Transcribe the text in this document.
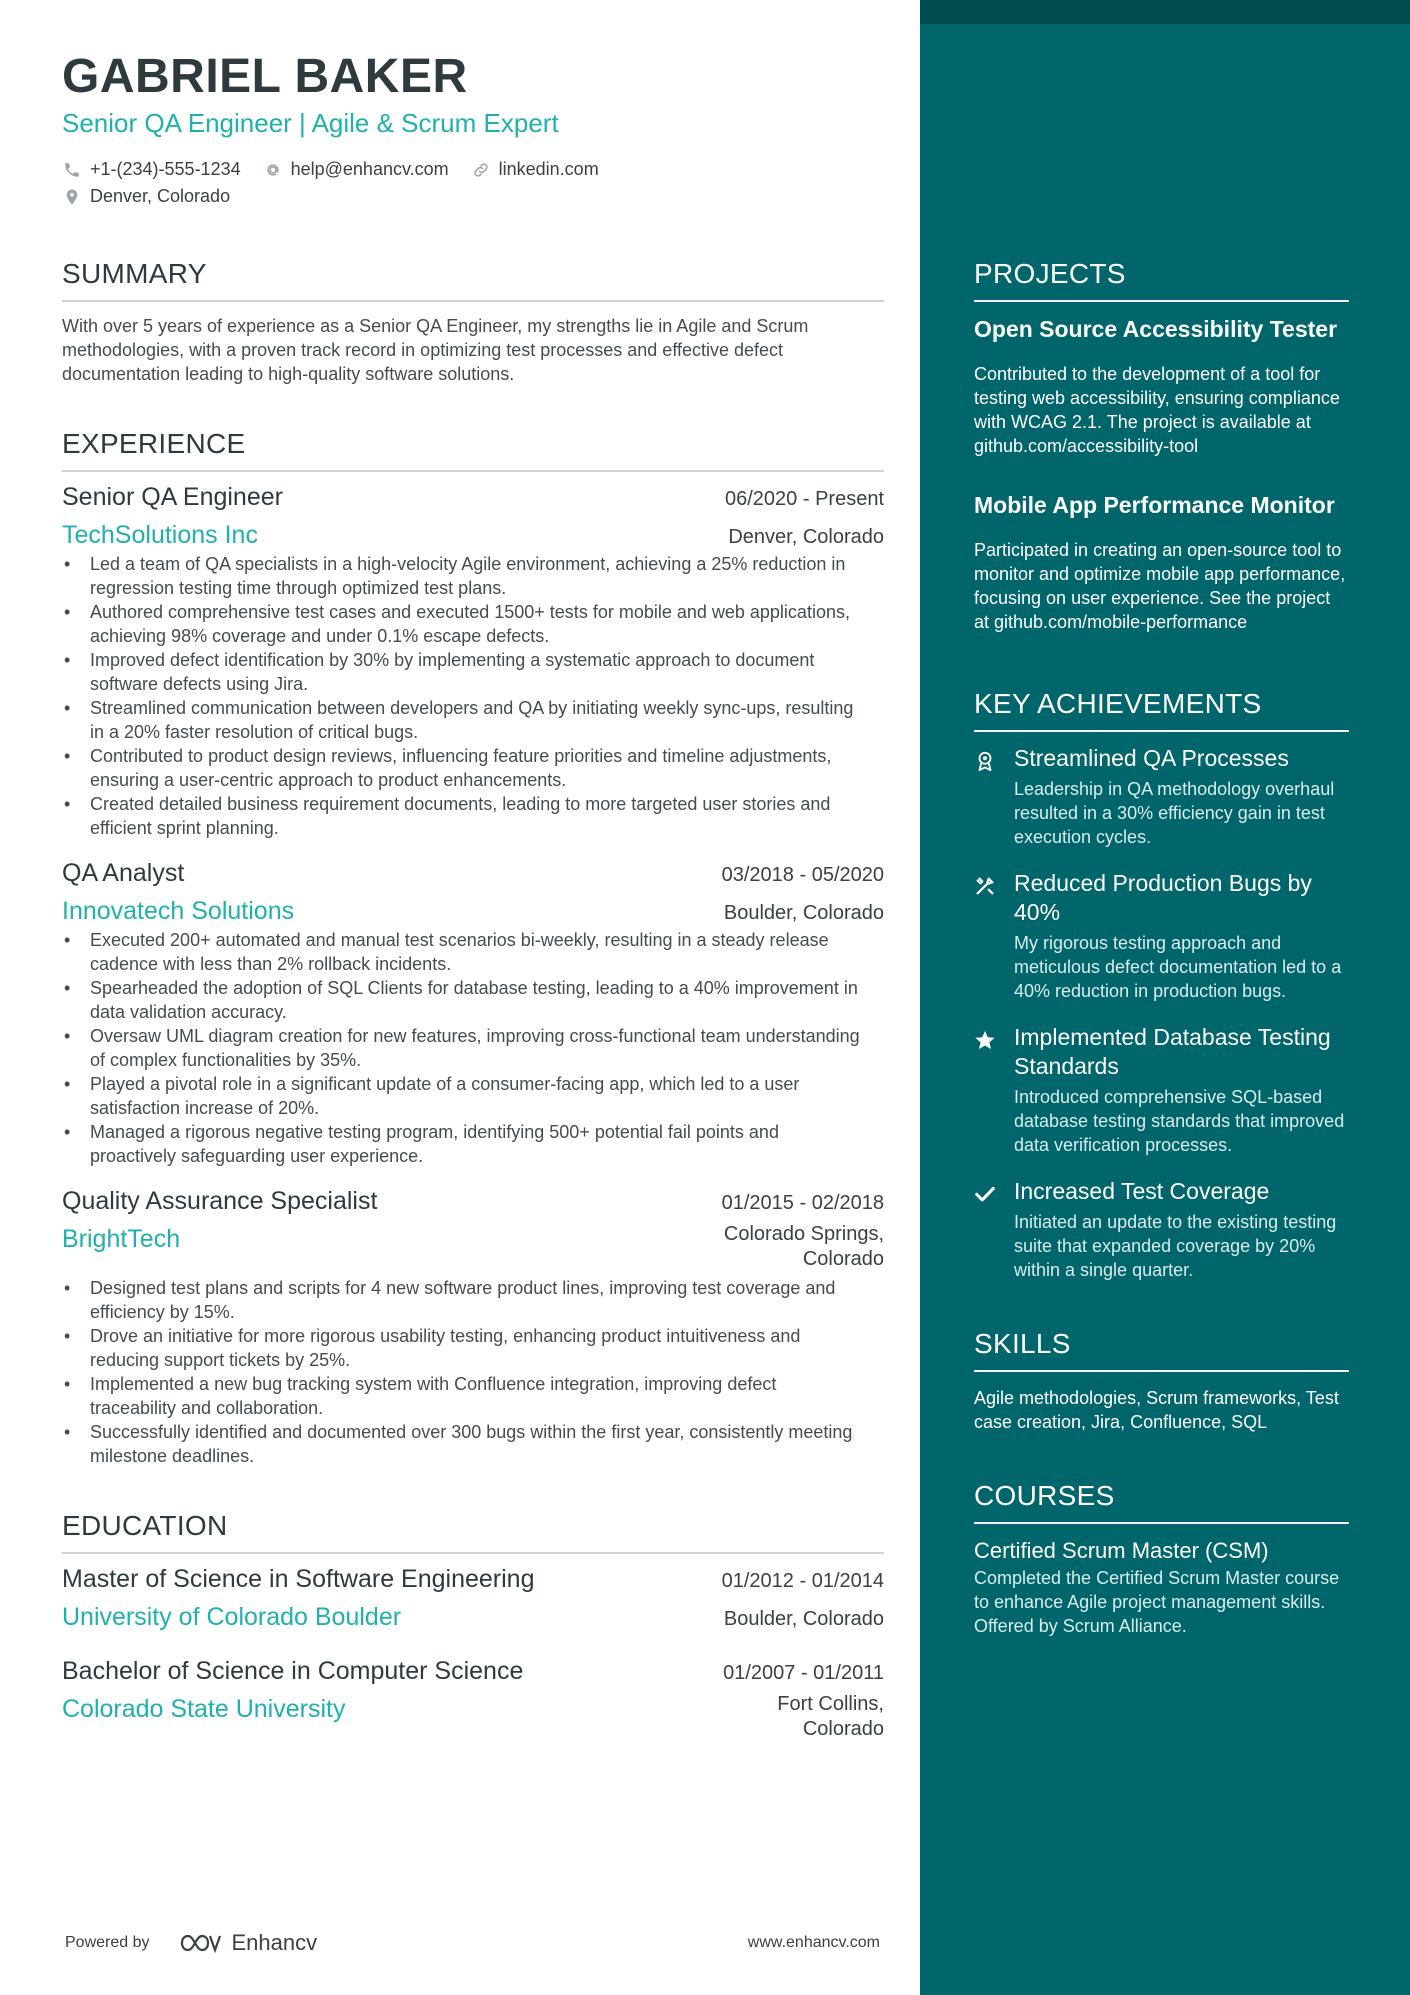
GABRIEL BAKER
Senior QA Engineer | Agile & Scrum Expert
+1-(234)-555-1234	help@enhancv.com	linkedin.com
Denver, Colorado
SUMMARY
With over 5 years of experience as a Senior QA Engineer, my strengths lie in Agile and Scrum methodologies, with a proven track record in optimizing test processes and effective defect documentation leading to high-quality software solutions.
EXPERIENCE
Senior QA Engineer	06/2020 - Present
TechSolutions Inc	Denver, Colorado
• Led a team of QA specialists in a high-velocity Agile environment, achieving a 25% reduction in regression testing time through optimized test plans.
• Authored comprehensive test cases and executed 1500+ tests for mobile and web applications, achieving 98% coverage and under 0.1% escape defects.
• Improved defect identification by 30% by implementing a systematic approach to document software defects using Jira.
• Streamlined communication between developers and QA by initiating weekly sync-ups, resulting in a 20% faster resolution of critical bugs.
• Contributed to product design reviews, influencing feature priorities and timeline adjustments, ensuring a user-centric approach to product enhancements.
• Created detailed business requirement documents, leading to more targeted user stories and efficient sprint planning.
QA Analyst	03/2018 - 05/2020
Innovatech Solutions	Boulder, Colorado
• Executed 200+ automated and manual test scenarios bi-weekly, resulting in a steady release cadence with less than 2% rollback incidents.
• Spearheaded the adoption of SQL Clients for database testing, leading to a 40% improvement in data validation accuracy.
• Oversaw UML diagram creation for new features, improving cross-functional team understanding of complex functionalities by 35%.
• Played a pivotal role in a significant update of a consumer-facing app, which led to a user satisfaction increase of 20%.
• Managed a rigorous negative testing program, identifying 500+ potential fail points and proactively safeguarding user experience.
Quality Assurance Specialist	01/2015 - 02/2018
BrightTech	Colorado Springs,
Colorado
• Designed test plans and scripts for 4 new software product lines, improving test coverage and efficiency by 15%.
• Drove an initiative for more rigorous usability testing, enhancing product intuitiveness and reducing support tickets by 25%.
• Implemented a new bug tracking system with Confluence integration, improving defect traceability and collaboration.
• Successfully identified and documented over 300 bugs within the first year, consistently meeting milestone deadlines.
EDUCATION
Master of Science in Software Engineering	01/2012 - 01/2014
University of Colorado Boulder	Boulder, Colorado
Bachelor of Science in Computer Science	01/2007 - 01/2011
Colorado State University	Fort Collins,
Colorado
Powered by	Enhancv	www.enhancv.com
PROJECTS
Open Source Accessibility Tester
Contributed to the development of a tool for testing web accessibility, ensuring compliance with WCAG 2.1. The project is available at github.com/accessibility-tool
Mobile App Performance Monitor
Participated in creating an open-source tool to monitor and optimize mobile app performance, focusing on user experience. See the project at github.com/mobile-performance
KEY ACHIEVEMENTS
Streamlined QA Processes
Leadership in QA methodology overhaul resulted in a 30% efficiency gain in test execution cycles.
Reduced Production Bugs by 40%
My rigorous testing approach and meticulous defect documentation led to a 40% reduction in production bugs.
Implemented Database Testing Standards
Introduced comprehensive SQL-based database testing standards that improved data verification processes.
Increased Test Coverage
Initiated an update to the existing testing suite that expanded coverage by 20% within a single quarter.
SKILLS
Agile methodologies, Scrum frameworks, Test case creation, Jira, Confluence, SQL
COURSES
Certified Scrum Master (CSM)
Completed the Certified Scrum Master course to enhance Agile project management skills. Offered by Scrum Alliance.
